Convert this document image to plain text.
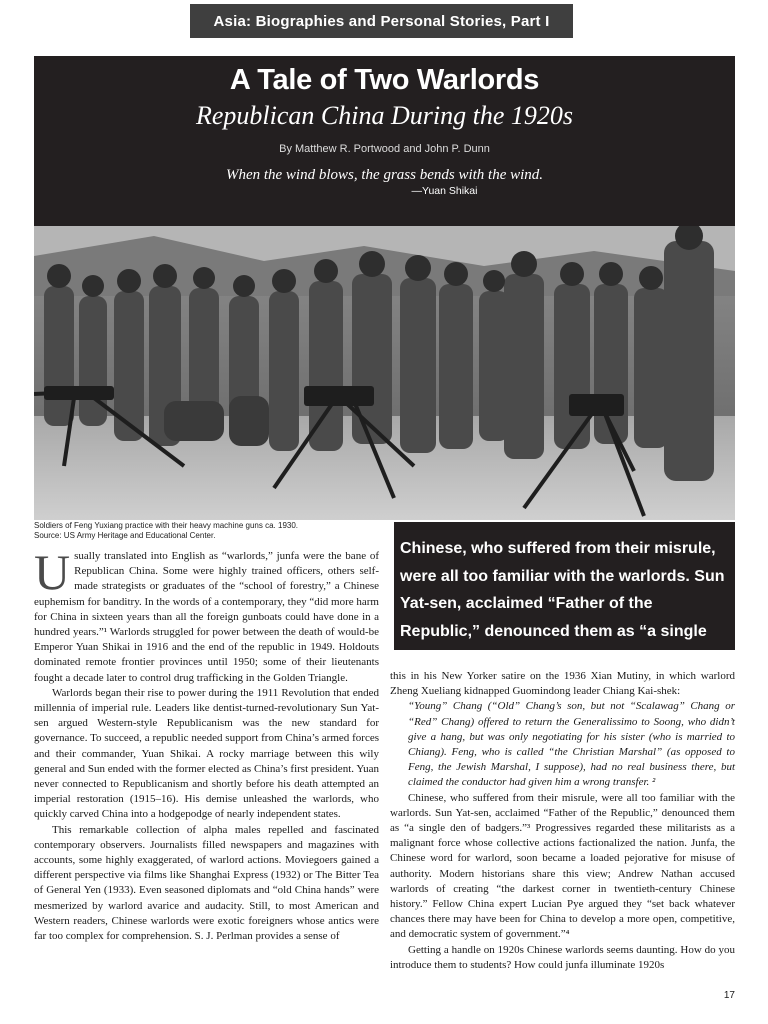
Asia: Biographies and Personal Stories, Part I
A Tale of Two Warlords
Republican China During the 1920s
By Matthew R. Portwood and John P. Dunn
When the wind blows, the grass bends with the wind.
—Yuan Shikai
Soldiers of Feng Yuxiang practice with their heavy machine guns ca. 1930.
Source: US Army Heritage and Educational Center.
Chinese, who suffered from their misrule, were all too familiar with the warlords. Sun Yat-sen, acclaimed “Father of the Republic,” denounced them as “a single den of badgers.”
U sually translated into English as “warlords,” junfa were the bane of Republican China. Some were highly trained officers, others self-made strategists or graduates of the “school of forestry,” a Chinese euphemism for banditry. In the words of a contemporary, they “did more harm for China in sixteen years than all the foreign gunboats could have done in a hundred years.”¹ Warlords struggled for power between the death of would-be Emperor Yuan Shikai in 1916 and the end of the republic in 1949. Holdouts dominated remote frontier provinces until 1950; some of their lieutenants fought a decade later to control drug trafficking in the Golden Triangle.

Warlords began their rise to power during the 1911 Revolution that ended millennia of imperial rule. Leaders like dentist-turned-revolutionary Sun Yat-sen argued Western-style Republicanism was the new standard for governance. To succeed, a republic needed support from China’s armed forces and their commander, Yuan Shikai. A rocky marriage between this wily general and Sun ended with the former elected as China’s first president. Yuan never connected to Republicanism and shortly before his death attempted an imperial restoration (1915–16). His demise unleashed the warlords, who quickly carved China into a hodgepodge of nearly independent states.

This remarkable collection of alpha males repelled and fascinated contemporary observers. Journalists filled newspapers and magazines with accounts, some highly exaggerated, of warlord actions. Moviegoers gained a different perspective via films like Shanghai Express (1932) or The Bitter Tea of General Yen (1933). Even seasoned diplomats and “old China hands” were mesmerized by warlord avarice and audacity. Still, to most American and Western readers, Chinese warlords were exotic foreigners whose antics were far too complex for comprehension. S. J. Perlman provides a sense of

this in his New Yorker satire on the 1936 Xian Mutiny, in which warlord Zheng Xueliang kidnapped Guomindong leader Chiang Kai-shek:

“Young” Chang (“Old” Chang’s son, but not “Scalawag” Chang or “Red” Chang) offered to return the Generalissimo to Soong, who didn’t give a hang, but was only negotiating for his sister (who is married to Chiang). Feng, who is called “the Christian Marshal” (as opposed to Feng, the Jewish Marshal, I suppose), had no real business there, but claimed the conductor had given him a wrong transfer. ²

Chinese, who suffered from their misrule, were all too familiar with the warlords. Sun Yat-sen, acclaimed “Father of the Republic,” denounced them as “a single den of badgers.”³ Progressives regarded these militarists as a malignant force whose collective actions factionalized the nation. Junfa, the Chinese word for warlord, soon became a loaded pejorative for misuse of authority. Modern historians share this view; Andrew Nathan accused warlords of creating “the darkest corner in twentieth-century Chinese history.” Fellow China expert Lucian Pye argued they “set back whatever chances there may have been for China to develop a more open, competitive, and democratic system of government.”⁴

Getting a handle on 1920s Chinese warlords seems daunting. How do you introduce them to students? How could junfa illuminate 1920s

17
